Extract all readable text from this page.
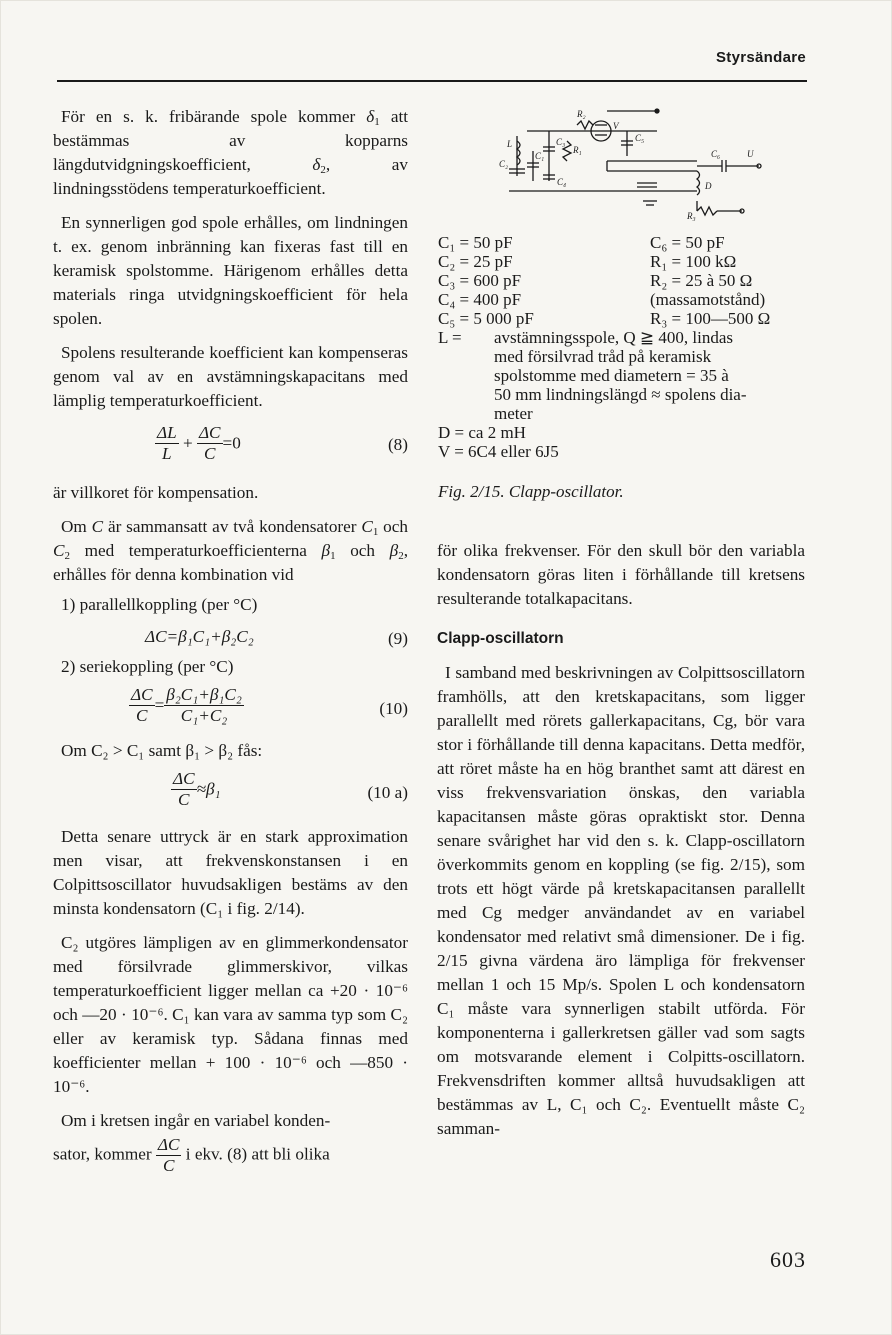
Styrsändare

För en s. k. fribärande spole kommer $\delta_1$ att bestämmas av kopparns längdutvidgningskoefficient, $\delta_2$, av lindningsstödens temperaturkoefficient.

En synnerligen god spole erhålles, om lindningen t. ex. genom inbränning kan fixeras fast till en keramisk spolstomme. Härigenom erhålles detta materials ringa utvidgningskoefficient för hela spolen.

Spolens resulterande koefficient kan kompenseras genom val av en avstämningskapacitans med lämplig temperaturkoefficient.

$\frac{\Delta L}{L} + \frac{\Delta C}{C} =0$	(8)

är villkoret för kompensation.

Om C är sammansatt av två kondensatorer $C_1$ och $C_2$ med temperaturkoefficienterna $\beta_1$ och $\beta_2$, erhålles för denna kombination vid

1) parallellkoppling (per °C)

ΔC=β₁C₁+β₂C₂	(9)

2) seriekoppling (per °C)

$\frac{\Delta C}{C} = \frac{\text{β₂C₁+β₁C₂}}{\text{C₁+C₂}}$	(10)

Om C₂ > C₁ samt β₁ > β₂ fås:

$\frac{\Delta C}{C} \approx\beta_1$	(10 a)

Detta senare uttryck är en stark approximation men visar, att frekvenskonstansen i en Colpittsoscillator huvudsakligen bestäms av den minsta kondensatorn (C₁ i fig. 2/14).

C₂ utgöres lämpligen av en glimmerkondensator med försilvrade glimmerskivor, vilkas temperaturkoefficient ligger mellan ca +20 · 10⁻⁶ och —20 · 10⁻⁶. C₁ kan vara av samma typ som C₂ eller av keramisk typ. Sådana finnas med koefficienter mellan + 100 · 10⁻⁶ och —850 · 10⁻⁶.

Om i kretsen ingår en variabel konden-

sator, kommer $\frac{\Delta C}{C}$ i ekv. (8) att bli olika

L
C₂
C₁
C₃
C₄
R₁
R₂
V
C₅
C₆	U
D
R₃
C₁ = 50 pF	C₆ = 50 pF
C₂ = 25 pF	R₁ = 100 kΩ
C₃ = 600 pF	R₂ = 25 à 50 Ω
C₄ = 400 pF	(massamotstånd)
C₅ = 5 000 pF	R₃ = 100—500 Ω
L = avstämningsspole, Q ≧ 400, lindas
med försilvrad tråd på keramisk
spolstomme med diametern = 35 à
50 mm lindningslängd ≈ spolens dia-
meter
D = ca 2 mH
V = 6C4 eller 6J5
Fig. 2/15. Clapp-oscillator.

för olika frekvenser. För den skull bör den variabla kondensatorn göras liten i förhållande till kretsens resulterande totalkapacitans.

Clapp-oscillatorn

I samband med beskrivningen av Colpittsoscillatorn framhölls, att den kretskapacitans, som ligger parallellt med rörets gallerkapacitans, Cg, bör vara stor i förhållande till denna kapacitans. Detta medför, att röret måste ha en hög branthet samt att därest en viss frekvensvariation önskas, den variabla kapacitansen måste göras opraktiskt stor. Denna senare svårighet har vid den s. k. Clapp-oscillatorn överkommits genom en koppling (se fig. 2/15), som trots ett högt värde på kretskapacitansen parallellt med Cg medger användandet av en variabel kondensator med relativt små dimensioner. De i fig. 2/15 givna värdena äro lämpliga för frekvenser mellan 1 och 15 Mp/s. Spolen L och kondensatorn C₁ måste vara synnerligen stabilt utförda. För komponenterna i gallerkretsen gäller vad som sagts om motsvarande element i Colpitts-oscillatorn. Frekvensdriften kommer alltså huvudsakligen att bestämmas av L, C₁ och C₂. Eventuellt måste C₂ samman-

603
